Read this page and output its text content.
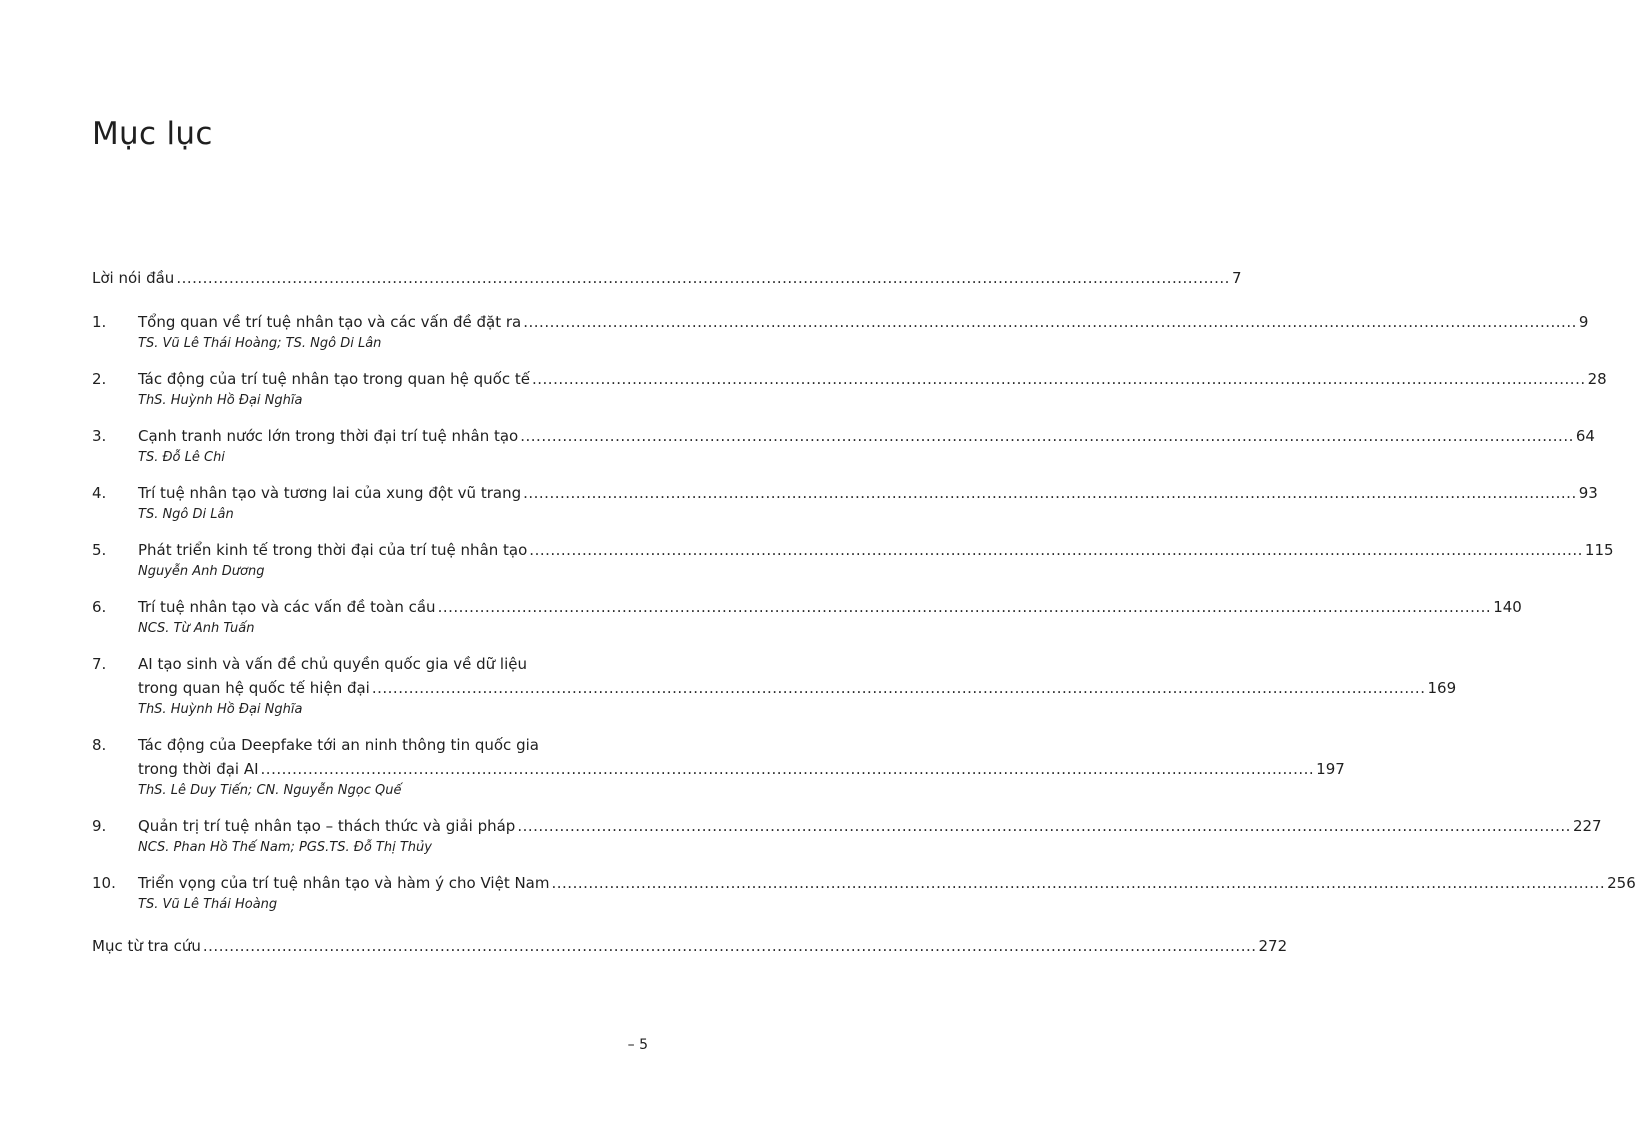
Mục lục
Lời nói đầu ........................................................................................................................................................................................................ 7
1. Tổng quan về trí tuệ nhân tạo và các vấn đề đặt ra ........................................................................................................................................................................................................ 9
TS. Vũ Lê Thái Hoàng; TS. Ngô Di Lân
2. Tác động của trí tuệ nhân tạo trong quan hệ quốc tế ........................................................................................................................................................................................................ 28
ThS. Huỳnh Hồ Đại Nghĩa
3. Cạnh tranh nước lớn trong thời đại trí tuệ nhân tạo ........................................................................................................................................................................................................ 64
TS. Đỗ Lê Chi
4. Trí tuệ nhân tạo và tương lai của xung đột vũ trang ........................................................................................................................................................................................................ 93
TS. Ngô Di Lân
5. Phát triển kinh tế trong thời đại của trí tuệ nhân tạo ........................................................................................................................................................................................................ 115
Nguyễn Anh Dương
6. Trí tuệ nhân tạo và các vấn đề toàn cầu ........................................................................................................................................................................................................ 140
NCS. Từ Anh Tuấn
7. AI tạo sinh và vấn đề chủ quyền quốc gia về dữ liệu
trong quan hệ quốc tế hiện đại ........................................................................................................................................................................................................ 169
ThS. Huỳnh Hồ Đại Nghĩa
8. Tác động của Deepfake tới an ninh thông tin quốc gia
trong thời đại AI ........................................................................................................................................................................................................ 197
ThS. Lê Duy Tiến; CN. Nguyễn Ngọc Quế
9. Quản trị trí tuệ nhân tạo – thách thức và giải pháp ........................................................................................................................................................................................................ 227
NCS. Phan Hồ Thế Nam; PGS.TS. Đỗ Thị Thủy
10. Triển vọng của trí tuệ nhân tạo và hàm ý cho Việt Nam ........................................................................................................................................................................................................ 256
TS. Vũ Lê Thái Hoàng
Mục từ tra cứu ........................................................................................................................................................................................................ 272
– 5
